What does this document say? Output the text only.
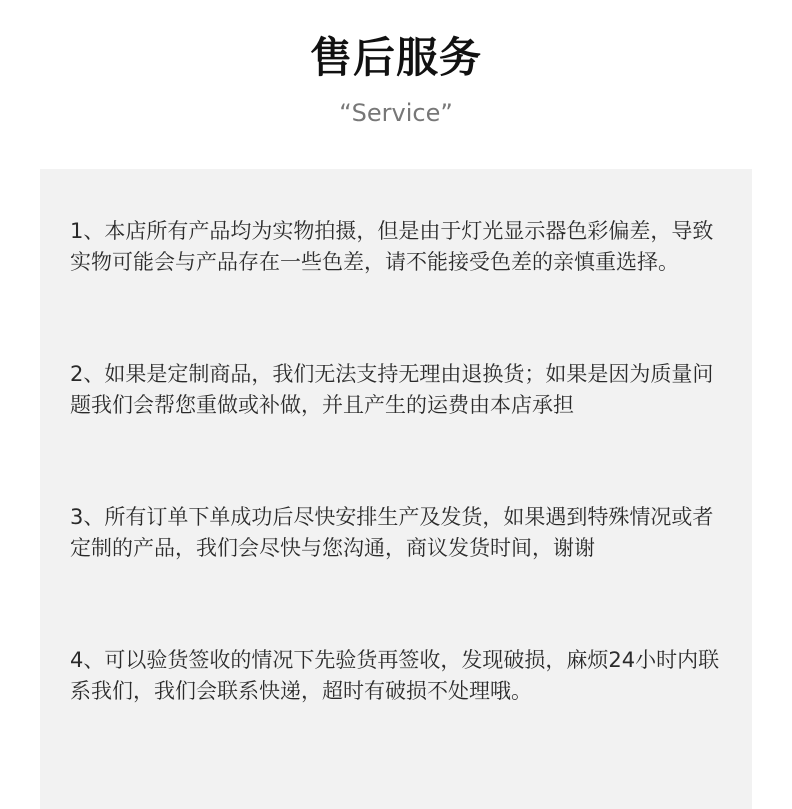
售后服务
“Service”
1、本店所有产品均为实物拍摄，但是由于灯光显示器色彩偏差，导致实物可能会与产品存在一些色差，请不能接受色差的亲慎重选择。
2、如果是定制商品，我们无法支持无理由退换货；如果是因为质量问题我们会帮您重做或补做，并且产生的运费由本店承担
3、所有订单下单成功后尽快安排生产及发货，如果遇到特殊情况或者定制的产品，我们会尽快与您沟通，商议发货时间，谢谢
4、可以验货签收的情况下先验货再签收，发现破损，麻烦24小时内联系我们，我们会联系快递，超时有破损不处理哦。
